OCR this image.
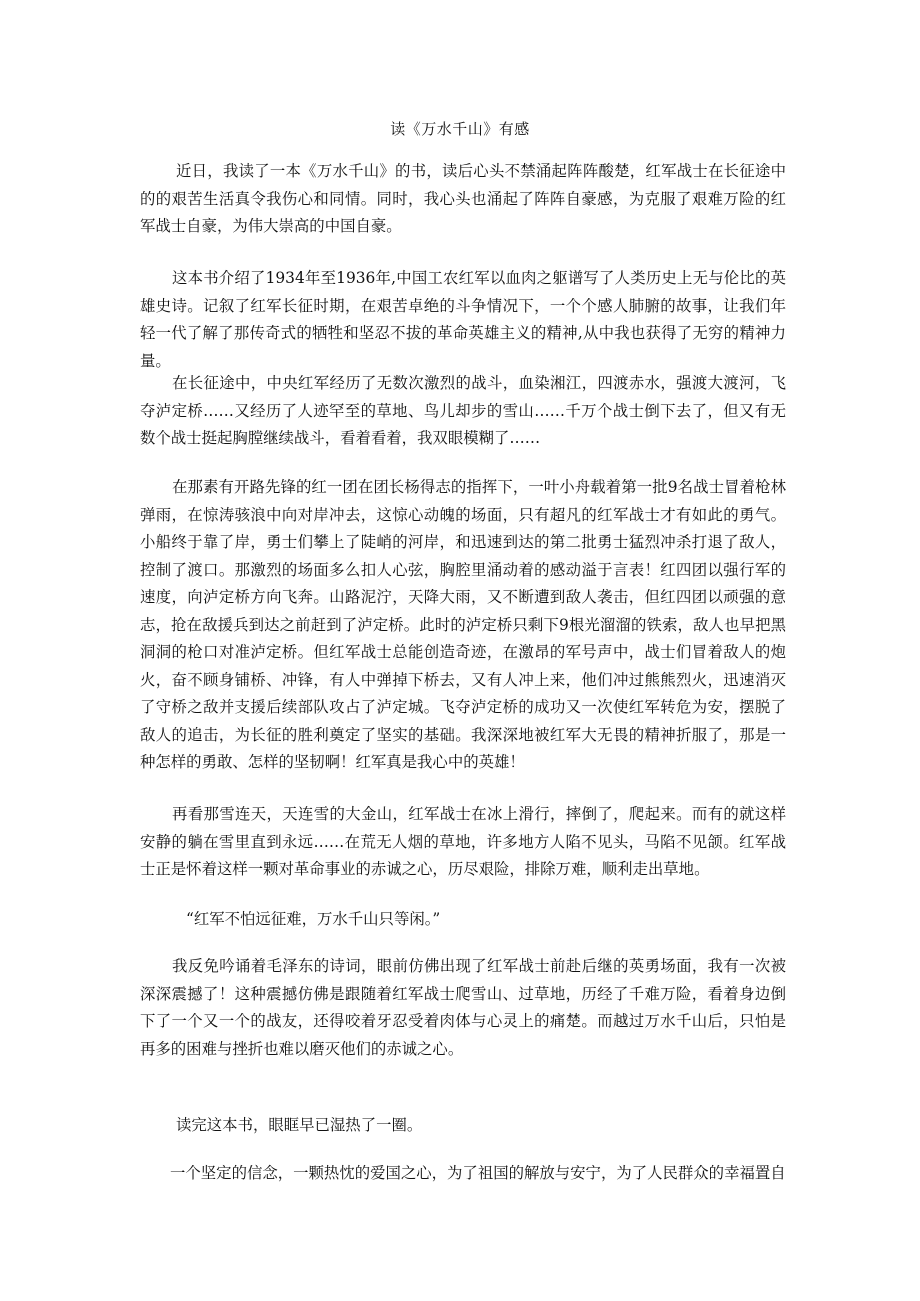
读《万水千山》有感

近日，我读了一本《万水千山》的书，读后心头不禁涌起阵阵酸楚，红军战士在长征途中的的艰苦生活真令我伤心和同情。同时，我心头也涌起了阵阵自豪感，为克服了艰难万险的红军战士自豪，为伟大崇高的中国自豪。

这本书介绍了1934年至1936年,中国工农红军以血肉之躯谱写了人类历史上无与伦比的英雄史诗。记叙了红军长征时期，在艰苦卓绝的斗争情况下，一个个感人肺腑的故事，让我们年轻一代了解了那传奇式的牺牲和坚忍不拔的革命英雄主义的精神,从中我也获得了无穷的精神力量。

在长征途中，中央红军经历了无数次激烈的战斗，血染湘江，四渡赤水，强渡大渡河，飞夺泸定桥……又经历了人迹罕至的草地、鸟儿却步的雪山……千万个战士倒下去了，但又有无数个战士挺起胸膛继续战斗，看着看着，我双眼模糊了……

在那素有开路先锋的红一团在团长杨得志的指挥下，一叶小舟载着第一批9名战士冒着枪林弹雨，在惊涛骇浪中向对岸冲去，这惊心动魄的场面，只有超凡的红军战士才有如此的勇气。小船终于靠了岸，勇士们攀上了陡峭的河岸，和迅速到达的第二批勇士猛烈冲杀打退了敌人，控制了渡口。那激烈的场面多么扣人心弦，胸腔里涌动着的感动溢于言表！红四团以强行军的速度，向泸定桥方向飞奔。山路泥泞，天降大雨，又不断遭到敌人袭击，但红四团以顽强的意志，抢在敌援兵到达之前赶到了泸定桥。此时的泸定桥只剩下9根光溜溜的铁索，敌人也早把黑洞洞的枪口对准泸定桥。但红军战士总能创造奇迹，在激昂的军号声中，战士们冒着敌人的炮火，奋不顾身铺桥、冲锋，有人中弹掉下桥去，又有人冲上来，他们冲过熊熊烈火，迅速消灭了守桥之敌并支援后续部队攻占了泸定城。飞夺泸定桥的成功又一次使红军转危为安，摆脱了敌人的追击，为长征的胜利奠定了坚实的基础。我深深地被红军大无畏的精神折服了，那是一种怎样的勇敢、怎样的坚韧啊！红军真是我心中的英雄！

再看那雪连天，天连雪的大金山，红军战士在冰上滑行，摔倒了，爬起来。而有的就这样安静的躺在雪里直到永远……在荒无人烟的草地，许多地方人陷不见头，马陷不见颌。红军战士正是怀着这样一颗对革命事业的赤诚之心，历尽艰险，排除万难，顺利走出草地。

“红军不怕远征难，万水千山只等闲。”

我反免吟诵着毛泽东的诗词，眼前仿佛出现了红军战士前赴后继的英勇场面，我有一次被深深震撼了！这种震撼仿佛是跟随着红军战士爬雪山、过草地，历经了千难万险，看着身边倒下了一个又一个的战友，还得咬着牙忍受着肉体与心灵上的痛楚。而越过万水千山后，只怕是再多的困难与挫折也难以磨灭他们的赤诚之心。

读完这本书，眼眶早已湿热了一圈。

一个坚定的信念，一颗热忱的爱国之心，为了祖国的解放与安宁，为了人民群众的幸福置自
